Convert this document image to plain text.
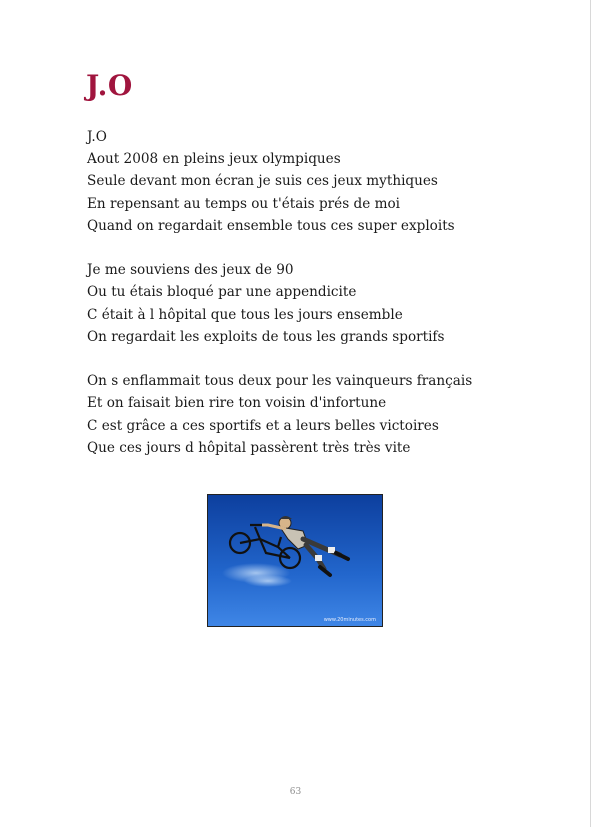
J.O
J.O
Aout 2008 en pleins jeux olympiques
Seule devant mon écran je suis ces jeux mythiques
En repensant au temps ou t'étais prés de moi
Quand on regardait ensemble tous ces super exploits
Je me souviens des jeux de 90
Ou tu étais bloqué par une appendicite
C était à l hôpital que tous les jours ensemble
On regardait les exploits de tous les grands sportifs
On s enflammait tous deux pour les vainqueurs français
Et on faisait bien rire ton voisin d'infortune
C est grâce a ces sportifs et a leurs belles victoires
Que ces jours d hôpital passèrent très très vite
www.20minutes.com
63
